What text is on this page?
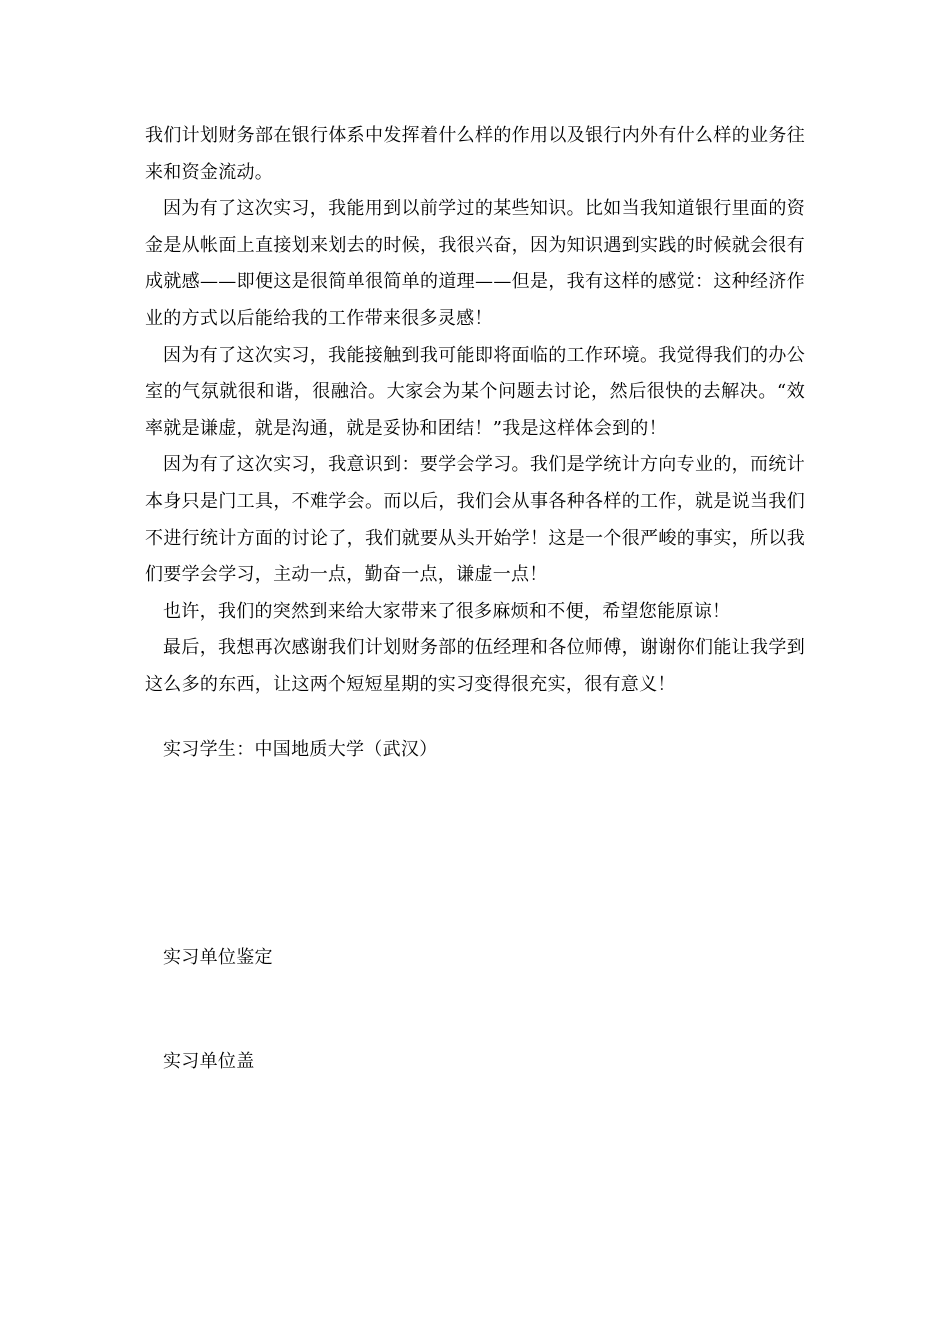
我们计划财务部在银行体系中发挥着什么样的作用以及银行内外有什么样的业务往来和资金流动。

因为有了这次实习，我能用到以前学过的某些知识。比如当我知道银行里面的资金是从帐面上直接划来划去的时候，我很兴奋，因为知识遇到实践的时候就会很有成就感——即便这是很简单很简单的道理——但是，我有这样的感觉：这种经济作业的方式以后能给我的工作带来很多灵感！

因为有了这次实习，我能接触到我可能即将面临的工作环境。我觉得我们的办公室的气氛就很和谐，很融洽。大家会为某个问题去讨论，然后很快的去解决。“效率就是谦虚，就是沟通，就是妥协和团结！”我是这样体会到的！

因为有了这次实习，我意识到：要学会学习。我们是学统计方向专业的，而统计本身只是门工具，不难学会。而以后，我们会从事各种各样的工作，就是说当我们不进行统计方面的讨论了，我们就要从头开始学！这是一个很严峻的事实，所以我们要学会学习，主动一点，勤奋一点，谦虚一点！

也许，我们的突然到来给大家带来了很多麻烦和不便，希望您能原谅！

最后，我想再次感谢我们计划财务部的伍经理和各位师傅，谢谢你们能让我学到这么多的东西，让这两个短短星期的实习变得很充实，很有意义！

实习学生：中国地质大学（武汉）

实习单位鉴定

实习单位盖
